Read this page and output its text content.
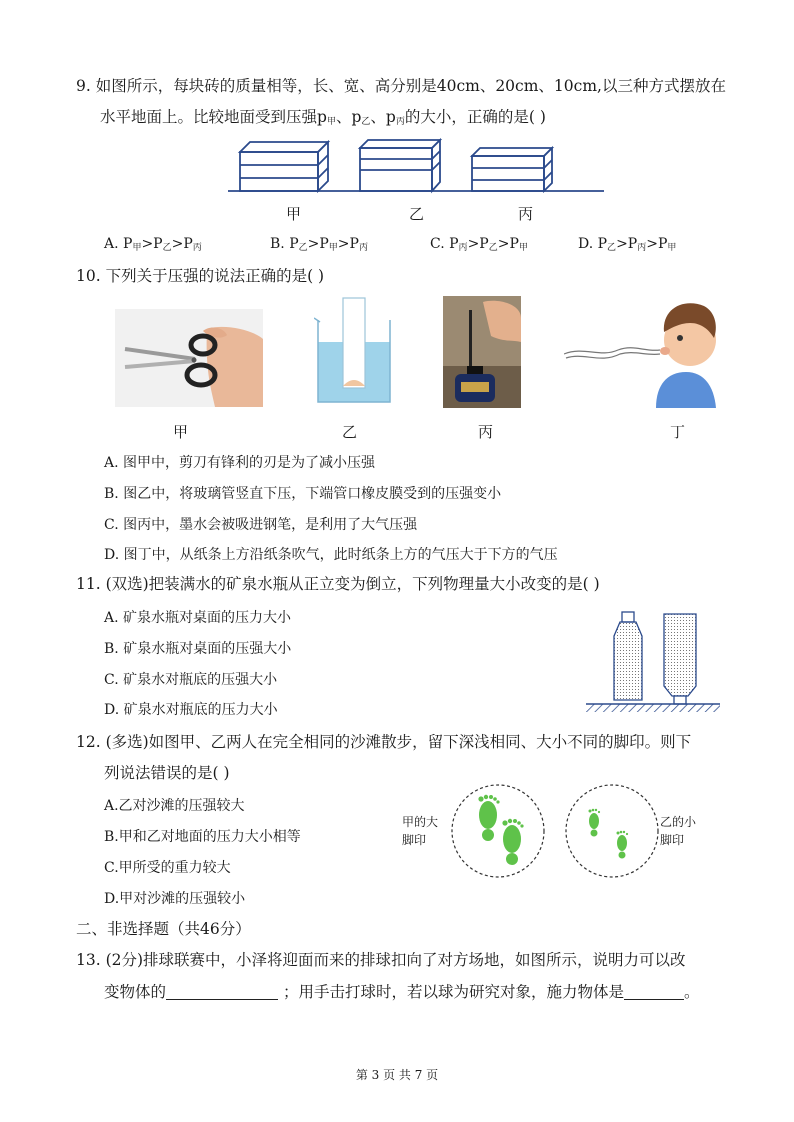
9. 如图所示，每块砖的质量相等，长、宽、高分别是40cm、20cm、10cm,以三种方式摆放在
水平地面上。比较地面受到压强$p_甲$、$p_乙$、$p_丙$的大小，正确的是( )
甲	乙	丙
A. $P_甲>P_乙>P_丙$	B. $P_乙>P_甲>P_丙$	C. $P_丙>P_乙>P_甲$	D. $P_乙>P_丙>P_甲$
10. 下列关于压强的说法正确的是( )
甲	乙	丙	丁
A. 图甲中，剪刀有锋利的刃是为了减小压强
B. 图乙中，将玻璃管竖直下压，下端管口橡皮膜受到的压强变小
C. 图丙中，墨水会被吸进钢笔，是利用了大气压强
D. 图丁中，从纸条上方沿纸条吹气，此时纸条上方的气压大于下方的气压
11. (双选)把装满水的矿泉水瓶从正立变为倒立，下列物理量大小改变的是( )
A. 矿泉水瓶对桌面的压力大小
B. 矿泉水瓶对桌面的压强大小
C. 矿泉水对瓶底的压强大小
D. 矿泉水对瓶底的压力大小
12. (多选)如图甲、乙两人在完全相同的沙滩散步，留下深浅相同、大小不同的脚印。则下
列说法错误的是( )
A.乙对沙滩的压强较大
B.甲和乙对地面的压力大小相等
C.甲所受的重力较大
D.甲对沙滩的压强较小
甲的大
脚印
乙的小
脚印
二、非选择题（共46分）
13. (2分)排球联赛中，小泽将迎面而来的排球扣向了对方场地，如图所示，说明力可以改
变物体的	；用手击打球时，若以球为研究对象，施力物体是	。
第 3 页 共 7 页
